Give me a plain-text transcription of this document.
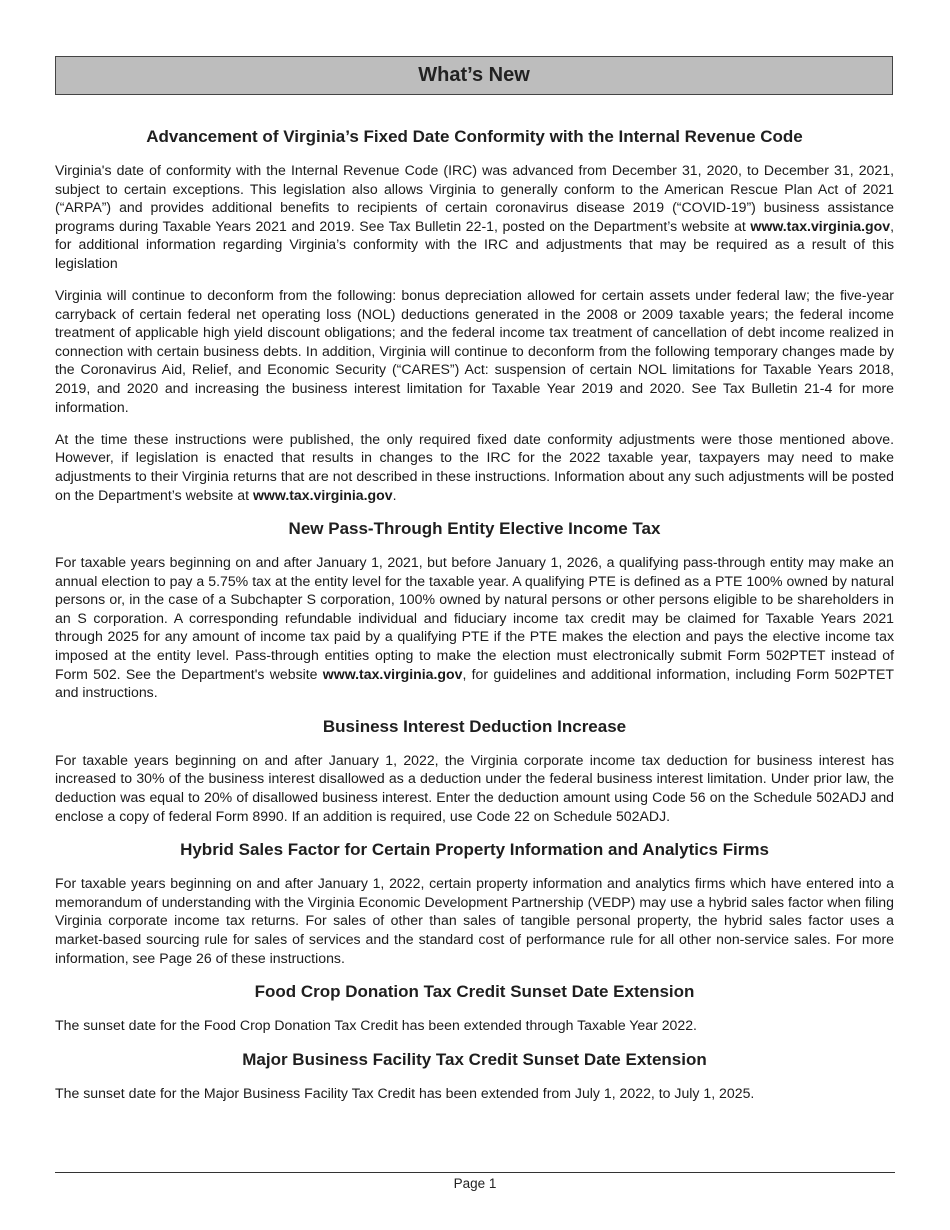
What’s New
Advancement of Virginia’s Fixed Date Conformity with the Internal Revenue Code

Virginia's date of conformity with the Internal Revenue Code (IRC) was advanced from December 31, 2020, to December 31, 2021, subject to certain exceptions. This legislation also allows Virginia to generally conform to the American Rescue Plan Act of 2021 (“ARPA”) and provides additional benefits to recipients of certain coronavirus disease 2019 (“COVID-19”) business assistance programs during Taxable Years 2021 and 2019. See Tax Bulletin 22-1, posted on the Department’s website at www.tax.virginia.gov, for additional information regarding Virginia’s conformity with the IRC and adjustments that may be required as a result of this legislation

Virginia will continue to deconform from the following: bonus depreciation allowed for certain assets under federal law; the five-year carryback of certain federal net operating loss (NOL) deductions generated in the 2008 or 2009 taxable years; the federal income treatment of applicable high yield discount obligations; and the federal income tax treatment of cancellation of debt income realized in connection with certain business debts. In addition, Virginia will continue to deconform from the following temporary changes made by the Coronavirus Aid, Relief, and Economic Security (“CARES”) Act: suspension of certain NOL limitations for Taxable Years 2018, 2019, and 2020 and increasing the business interest limitation for Taxable Year 2019 and 2020. See Tax Bulletin 21-4 for more information.

At the time these instructions were published, the only required fixed date conformity adjustments were those mentioned above. However, if legislation is enacted that results in changes to the IRC for the 2022 taxable year, taxpayers may need to make adjustments to their Virginia returns that are not described in these instructions. Information about any such adjustments will be posted on the Department’s website at www.tax.virginia.gov.

New Pass-Through Entity Elective Income Tax

For taxable years beginning on and after January 1, 2021, but before January 1, 2026, a qualifying pass-through entity may make an annual election to pay a 5.75% tax at the entity level for the taxable year. A qualifying PTE is defined as a PTE 100% owned by natural persons or, in the case of a Subchapter S corporation, 100% owned by natural persons or other persons eligible to be shareholders in an S corporation. A corresponding refundable individual and fiduciary income tax credit may be claimed for Taxable Years 2021 through 2025 for any amount of income tax paid by a qualifying PTE if the PTE makes the election and pays the elective income tax imposed at the entity level. Pass-through entities opting to make the election must electronically submit Form 502PTET instead of Form 502. See the Department's website www.tax.virginia.gov, for guidelines and additional information, including Form 502PTET and instructions.

Business Interest Deduction Increase

For taxable years beginning on and after January 1, 2022, the Virginia corporate income tax deduction for business interest has increased to 30% of the business interest disallowed as a deduction under the federal business interest limitation. Under prior law, the deduction was equal to 20% of disallowed business interest. Enter the deduction amount using Code 56 on the Schedule 502ADJ and enclose a copy of federal Form 8990. If an addition is required, use Code 22 on Schedule 502ADJ.

Hybrid Sales Factor for Certain Property Information and Analytics Firms

For taxable years beginning on and after January 1, 2022, certain property information and analytics firms which have entered into a memorandum of understanding with the Virginia Economic Development Partnership (VEDP) may use a hybrid sales factor when filing Virginia corporate income tax returns. For sales of other than sales of tangible personal property, the hybrid sales factor uses a market-based sourcing rule for sales of services and the standard cost of performance rule for all other non-service sales. For more information, see Page 26 of these instructions.

Food Crop Donation Tax Credit Sunset Date Extension

The sunset date for the Food Crop Donation Tax Credit has been extended through Taxable Year 2022.

Major Business Facility Tax Credit Sunset Date Extension

The sunset date for the Major Business Facility Tax Credit has been extended from July 1, 2022, to July 1, 2025.

Page 1
